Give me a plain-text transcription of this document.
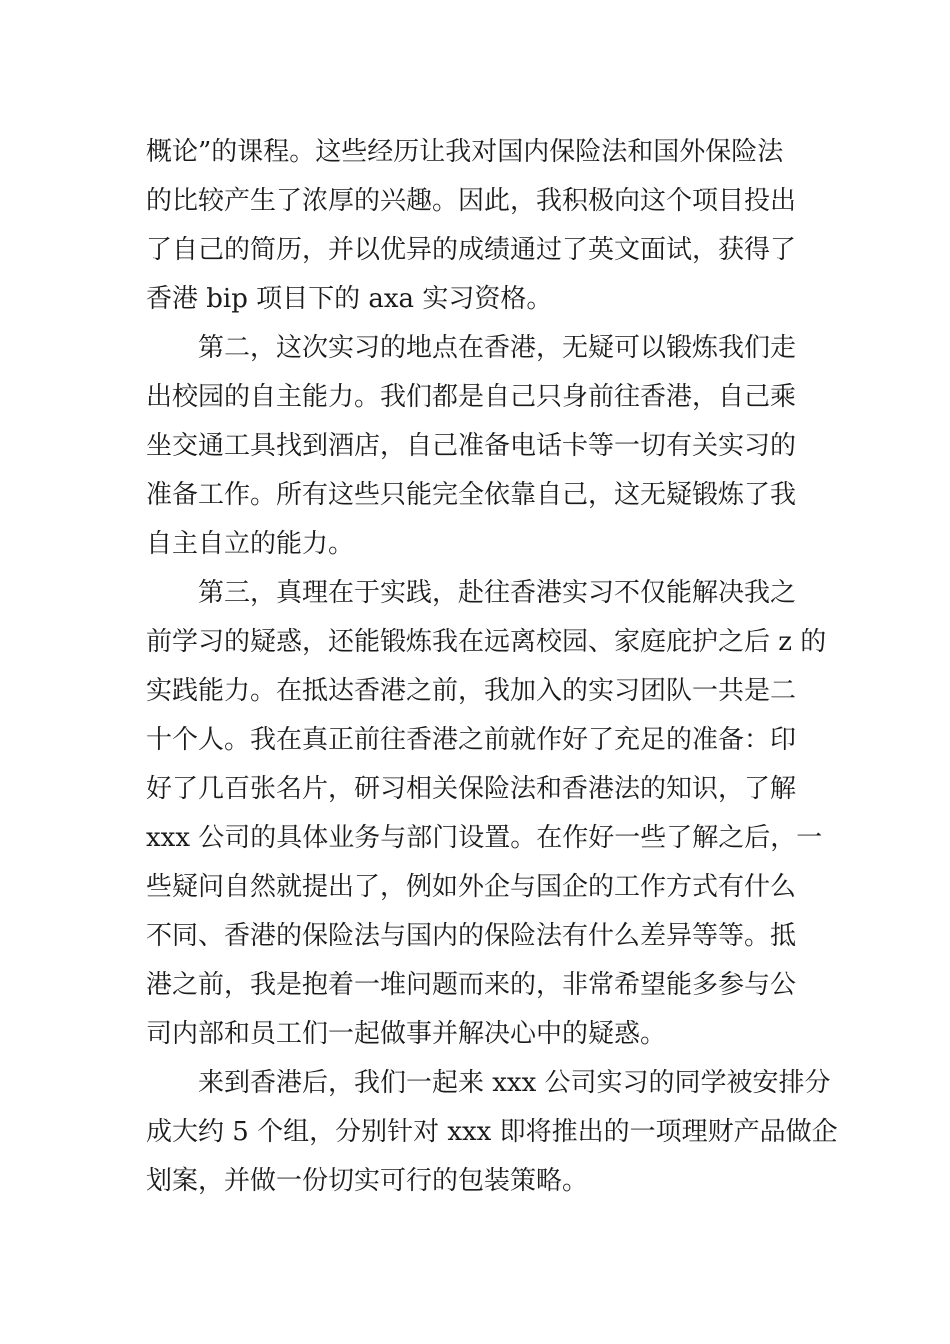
概论”的课程。这些经历让我对国内保险法和国外保险法
的比较产生了浓厚的兴趣。因此，我积极向这个项目投出
了自己的简历，并以优异的成绩通过了英文面试，获得了
香港 bip 项目下的 axa 实习资格。

第二，这次实习的地点在香港，无疑可以锻炼我们走
出校园的自主能力。我们都是自己只身前往香港，自己乘
坐交通工具找到酒店，自己准备电话卡等一切有关实习的
准备工作。所有这些只能完全依靠自己，这无疑锻炼了我
自主自立的能力。

第三，真理在于实践，赴往香港实习不仅能解决我之
前学习的疑惑，还能锻炼我在远离校园、家庭庇护之后 z 的
实践能力。在抵达香港之前，我加入的实习团队一共是二
十个人。我在真正前往香港之前就作好了充足的准备：印
好了几百张名片，研习相关保险法和香港法的知识，了解
xxx 公司的具体业务与部门设置。在作好一些了解之后，一
些疑问自然就提出了，例如外企与国企的工作方式有什么
不同、香港的保险法与国内的保险法有什么差异等等。抵
港之前，我是抱着一堆问题而来的，非常希望能多参与公
司内部和员工们一起做事并解决心中的疑惑。

来到香港后，我们一起来 xxx 公司实习的同学被安排分
成大约 5 个组，分别针对 xxx 即将推出的一项理财产品做企
划案，并做一份切实可行的包装策略。
